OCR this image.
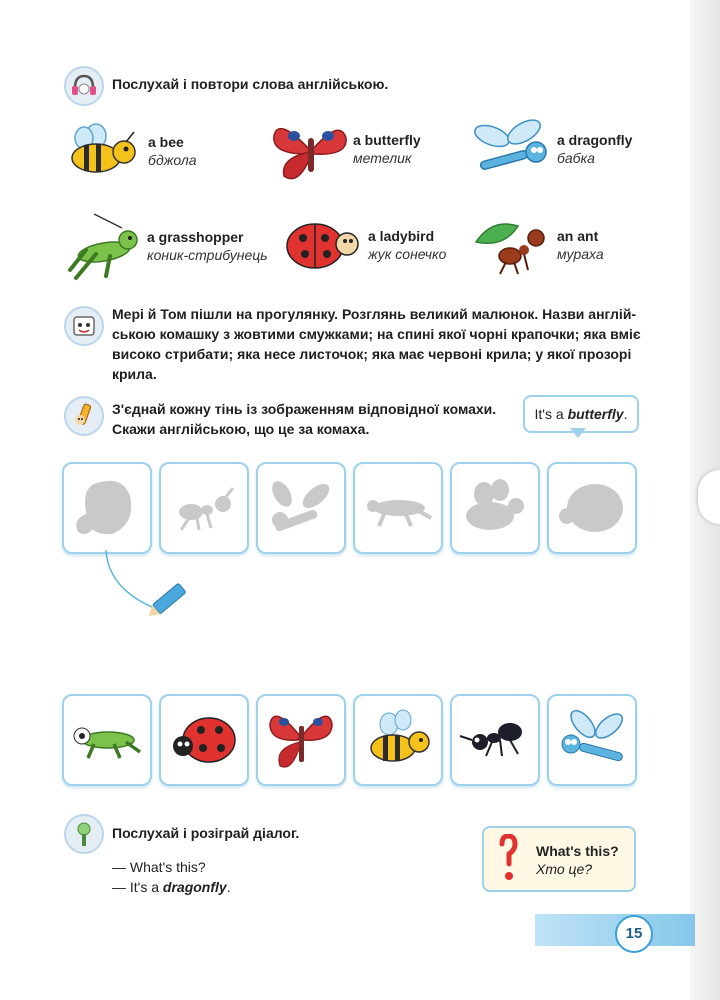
Послухай і повтори слова англійською.
a bee
бджола
a butterfly
метелик
a dragonfly
бабка
a grasshopper
коник-стрибунець
a ladybird
жук сонечко
an ant
мураха
Мері й Том пішли на прогулянку. Розглянь великий малюнок. Назви англій-
ською комашку з жовтими смужками; на спині якої чорні крапочки; яка вміє
високо стрибати; яка несе листочок; яка має червоні крила; у якої прозорі
крила.
З'єднай кожну тінь із зображенням відповідної комахи.
Скажи англійською, що це за комаха.
It's a butterfly.
Послухай і розіграй діалог.
— What's this?
— It's a dragonfly.
What's this?
Хто це?
15
